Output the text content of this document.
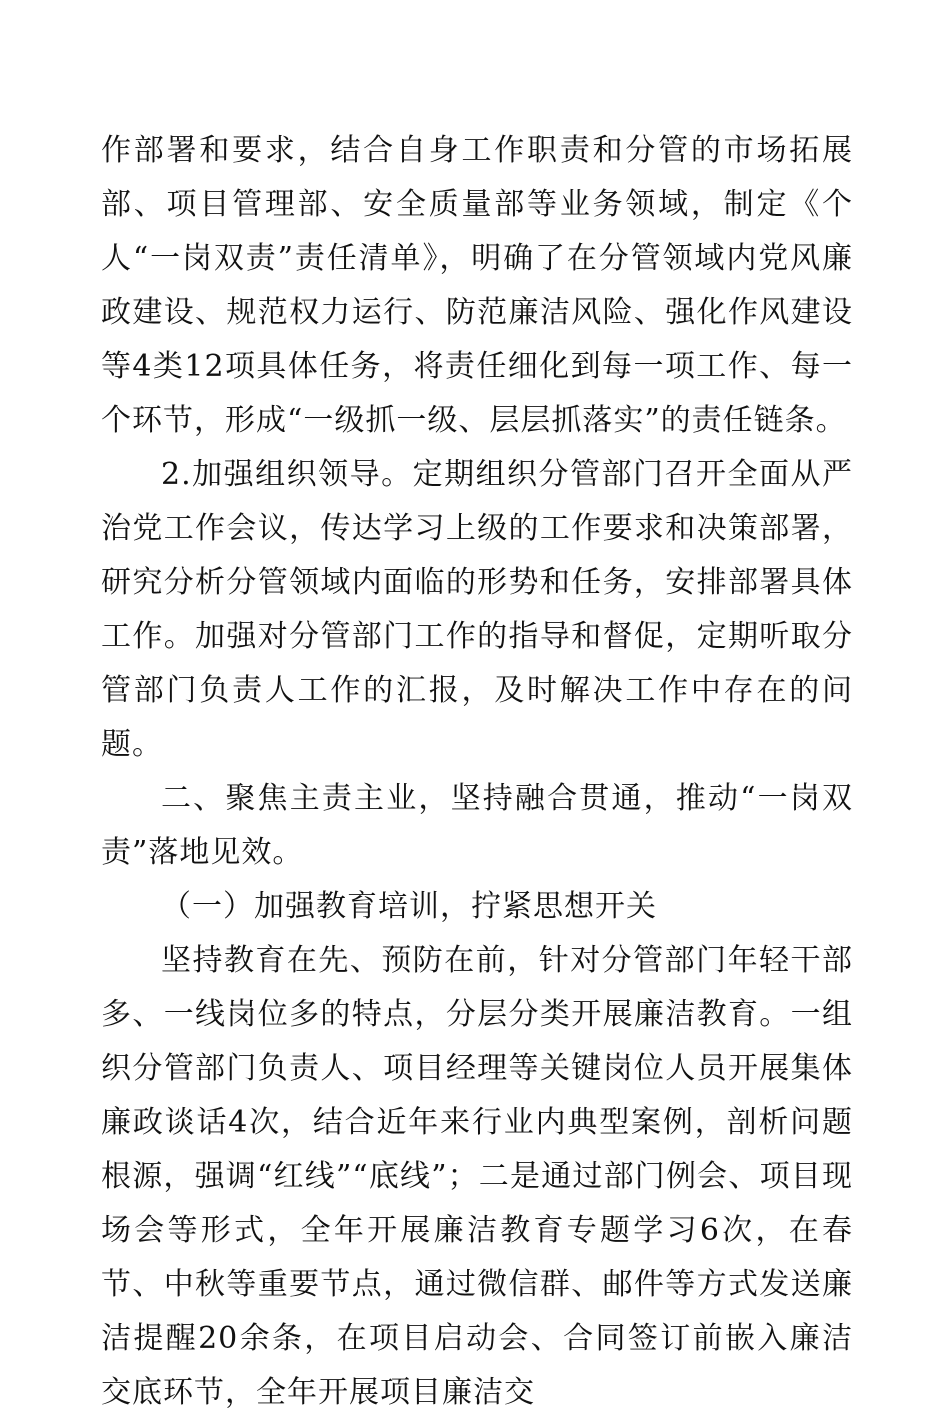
作部署和要求，结合自身工作职责和分管的市场拓展部、项目管理部、安全质量部等业务领域，制定《个人“一岗双责”责任清单》，明确了在分管领域内党风廉政建设、规范权力运行、防范廉洁风险、强化作风建设等4类12项具体任务，将责任细化到每一项工作、每一个环节，形成“一级抓一级、层层抓落实”的责任链条。

2.加强组织领导。定期组织分管部门召开全面从严治党工作会议，传达学习上级的工作要求和决策部署，研究分析分管领域内面临的形势和任务，安排部署具体工作。加强对分管部门工作的指导和督促，定期听取分管部门负责人工作的汇报，及时解决工作中存在的问题。

二、聚焦主责主业，坚持融合贯通，推动“一岗双责”落地见效。

（一）加强教育培训，拧紧思想开关

坚持教育在先、预防在前，针对分管部门年轻干部多、一线岗位多的特点，分层分类开展廉洁教育。一组织分管部门负责人、项目经理等关键岗位人员开展集体廉政谈话4次，结合近年来行业内典型案例，剖析问题根源，强调“红线”“底线”；二是通过部门例会、项目现场会等形式，全年开展廉洁教育专题学习6次，在春节、中秋等重要节点，通过微信群、邮件等方式发送廉洁提醒20余条，在项目启动会、合同签订前嵌入廉洁交底环节，全年开展项目廉洁交
